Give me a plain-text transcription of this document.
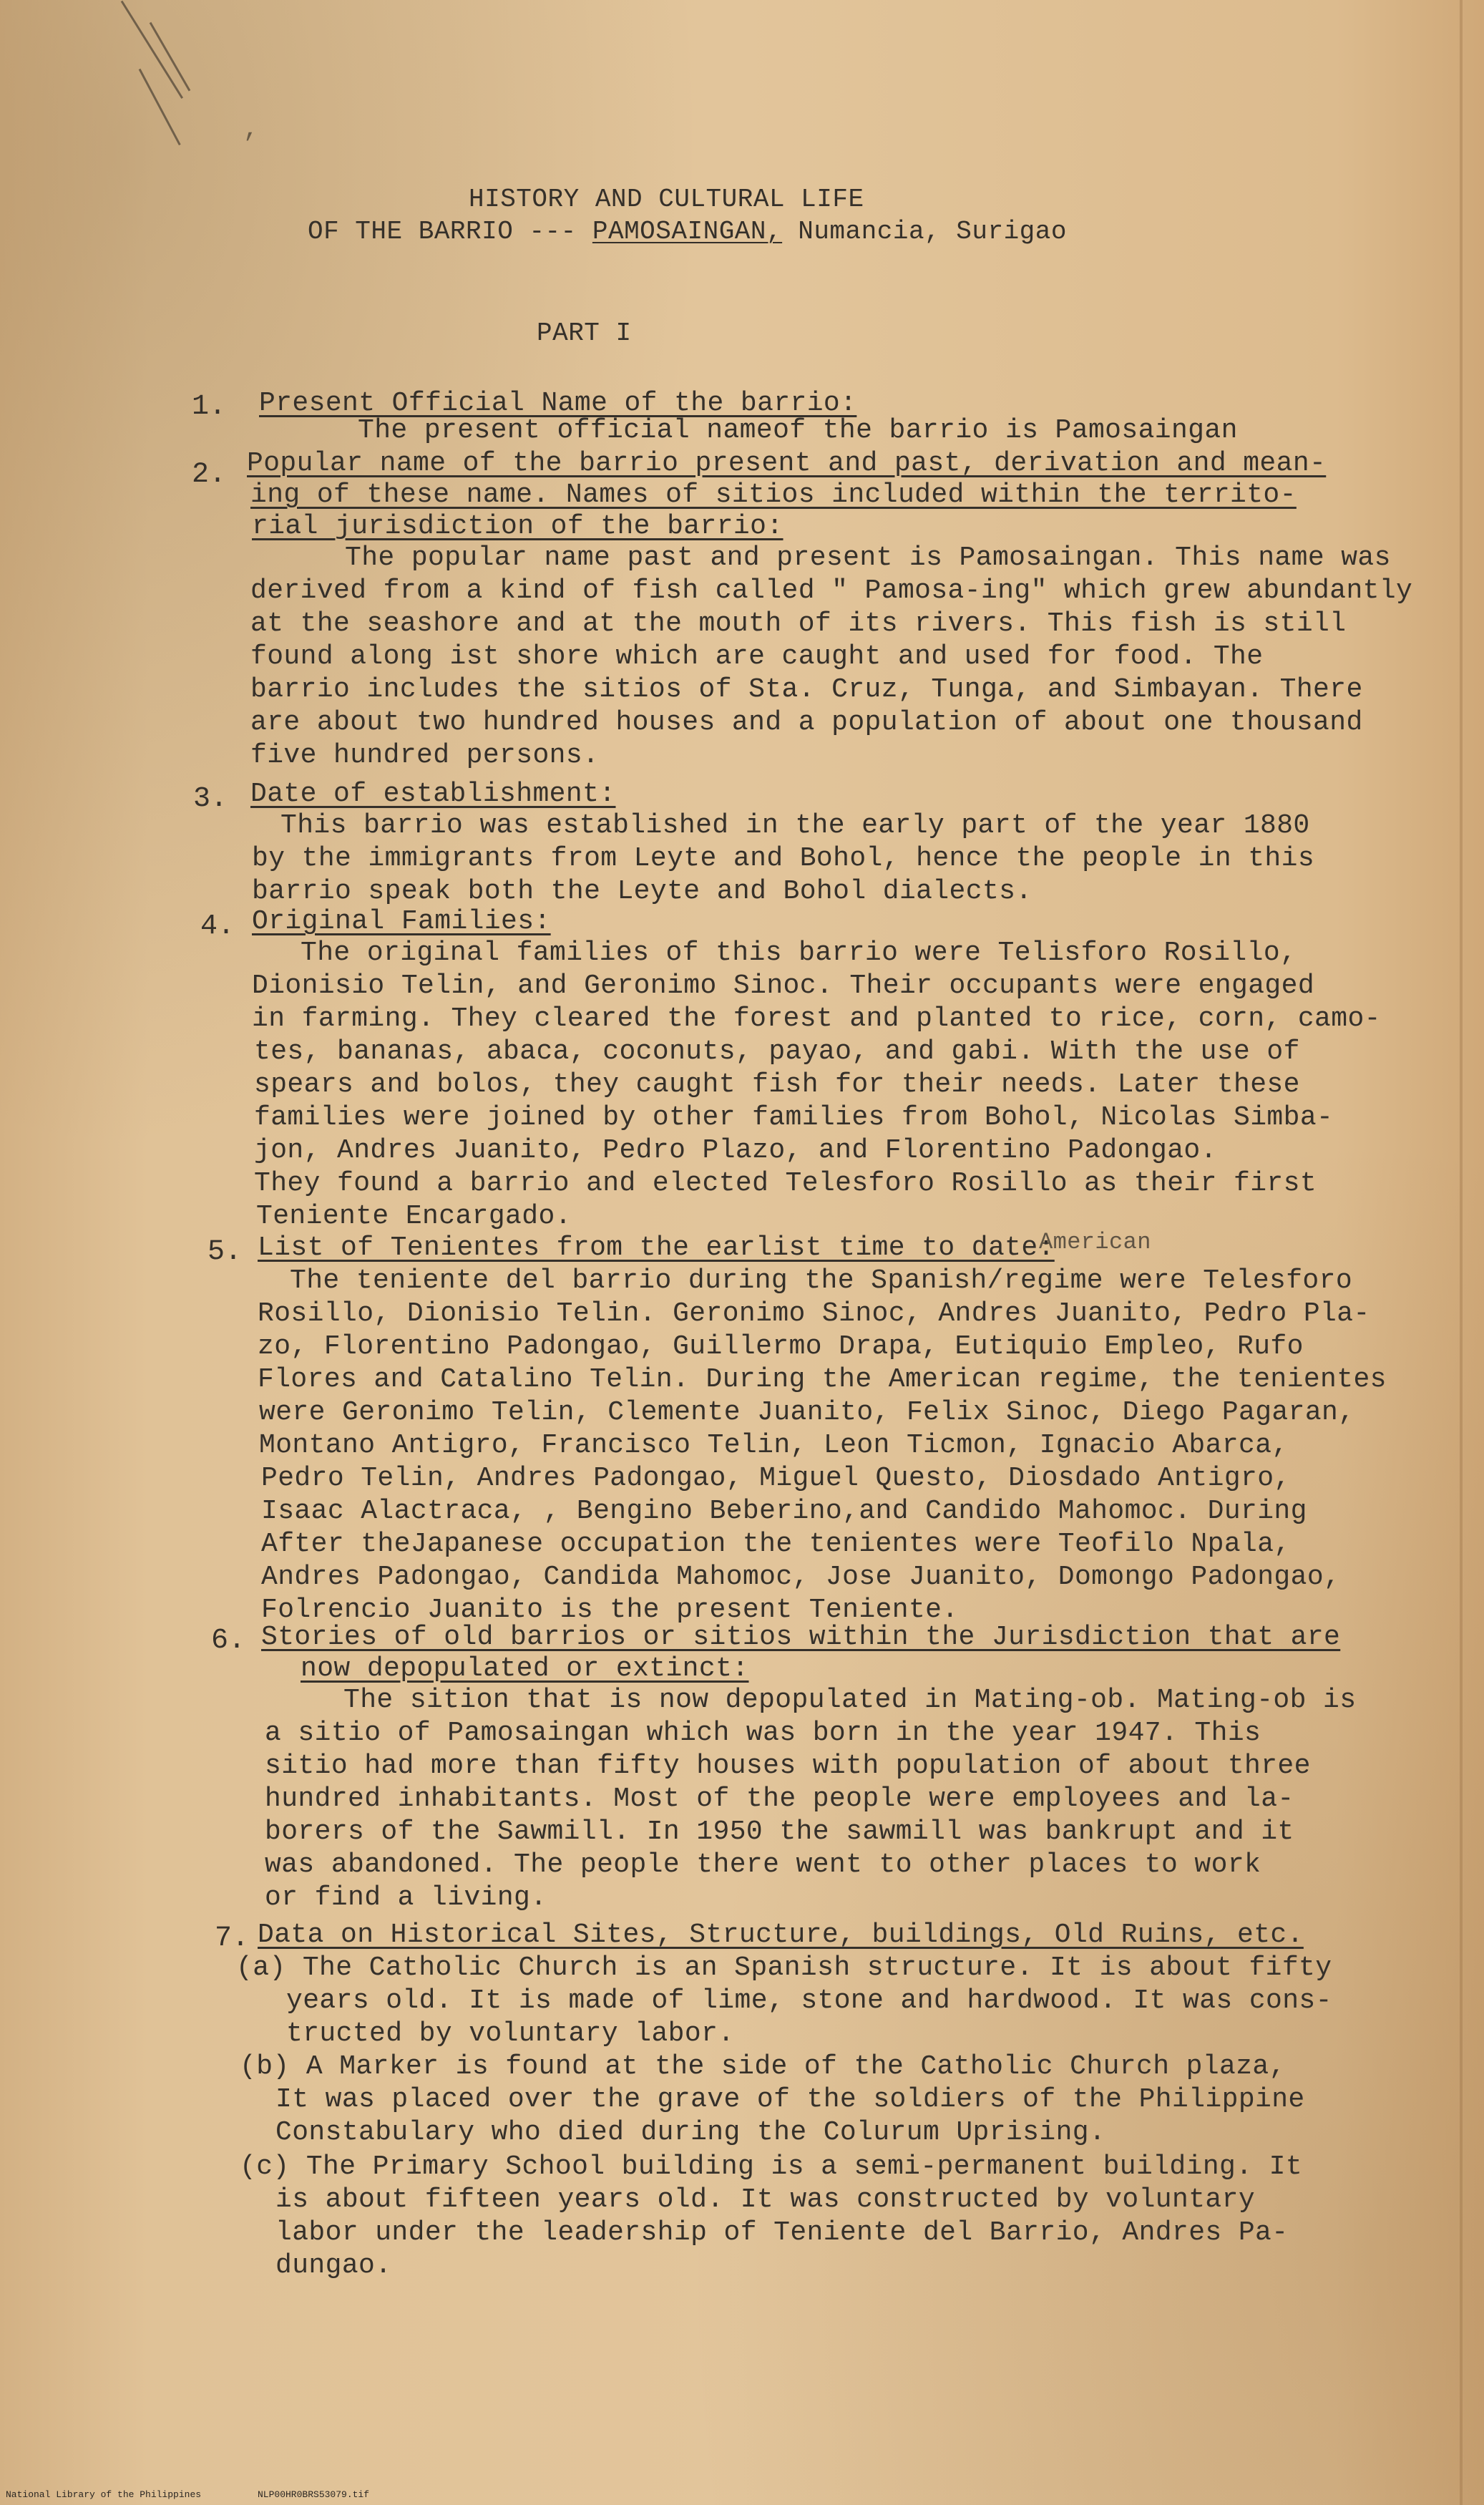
,
HISTORY AND CULTURAL LIFE
OF THE BARRIO --- PAMOSAINGAN, Numancia, Surigao
PART I
1.
2.
3.
4.
5.
6.
7.
Present Official Name of the barrio:
The present official nameof the barrio is Pamosaingan
Popular name of the barrio present and past, derivation and mean-
ing of these name. Names of sitios included within the territo-
rial jurisdiction of the barrio:
The popular name past and present is Pamosaingan. This name was
derived from a kind of fish called " Pamosa-ing" which grew abundantly
at the seashore and at the mouth of its rivers. This fish is still
found along ist shore which are caught and used for food. The
barrio includes the sitios of Sta. Cruz, Tunga, and Simbayan. There
are about two hundred houses and a population of about one thousand
five hundred persons.
Date of establishment:
This barrio was established in the early part of the year 1880
by the immigrants from Leyte and Bohol, hence the people in this
barrio speak both the Leyte and Bohol dialects.
Original Families:
The original families of this barrio were Telisforo Rosillo,
Dionisio Telin, and Geronimo Sinoc. Their occupants were engaged
in farming. They cleared the forest and planted to rice, corn, camo-
tes, bananas, abaca, coconuts, payao, and gabi. With the use of
spears and bolos, they caught fish for their needs. Later these
families were joined by other families from Bohol, Nicolas Simba-
jon, Andres Juanito, Pedro Plazo, and Florentino Padongao.
They found a barrio and elected Telesforo Rosillo as their first
Teniente Encargado.
List of Tenientes from the earlist time to date:
American
The teniente del barrio during the Spanish/regime were Telesforo
Rosillo, Dionisio Telin. Geronimo Sinoc, Andres Juanito, Pedro Pla-
zo, Florentino Padongao, Guillermo Drapa, Eutiquio Empleo, Rufo
Flores and Catalino Telin. During the American regime, the tenientes
were Geronimo Telin, Clemente Juanito, Felix Sinoc, Diego Pagaran,
Montano Antigro, Francisco Telin, Leon Ticmon, Ignacio Abarca,
Pedro Telin, Andres Padongao, Miguel Questo, Diosdado Antigro,
Isaac Alactraca, , Bengino Beberino,and Candido Mahomoc. During
After theJapanese occupation the tenientes were Teofilo Npala,
Andres Padongao, Candida Mahomoc, Jose Juanito, Domongo Padongao,
Folrencio Juanito is the present Teniente.
Stories of old barrios or sitios within the Jurisdiction that are
now depopulated or extinct:
The sition that is now depopulated in Mating-ob. Mating-ob is
a sitio of Pamosaingan which was born in the year 1947. This
sitio had more than fifty houses with population of about three
hundred inhabitants. Most of the people were employees and la-
borers of the Sawmill. In 1950 the sawmill was bankrupt and it
was abandoned. The people there went to other places to work
or find a living.
Data on Historical Sites, Structure, buildings, Old Ruins, etc.
(a) The Catholic Church is an Spanish structure. It is about fifty
years old. It is made of lime, stone and hardwood. It was cons-
tructed by voluntary labor.
(b) A Marker is found at the side of the Catholic Church plaza,
It was placed over the grave of the soldiers of the Philippine
Constabulary who died during the Colurum Uprising.
(c) The Primary School building is a semi-permanent building. It
is about fifteen years old. It was constructed by voluntary
labor under the leadership of Teniente del Barrio, Andres Pa-
dungao.
National Library of the Philippines	NLP00HR0BRS53079.tif
